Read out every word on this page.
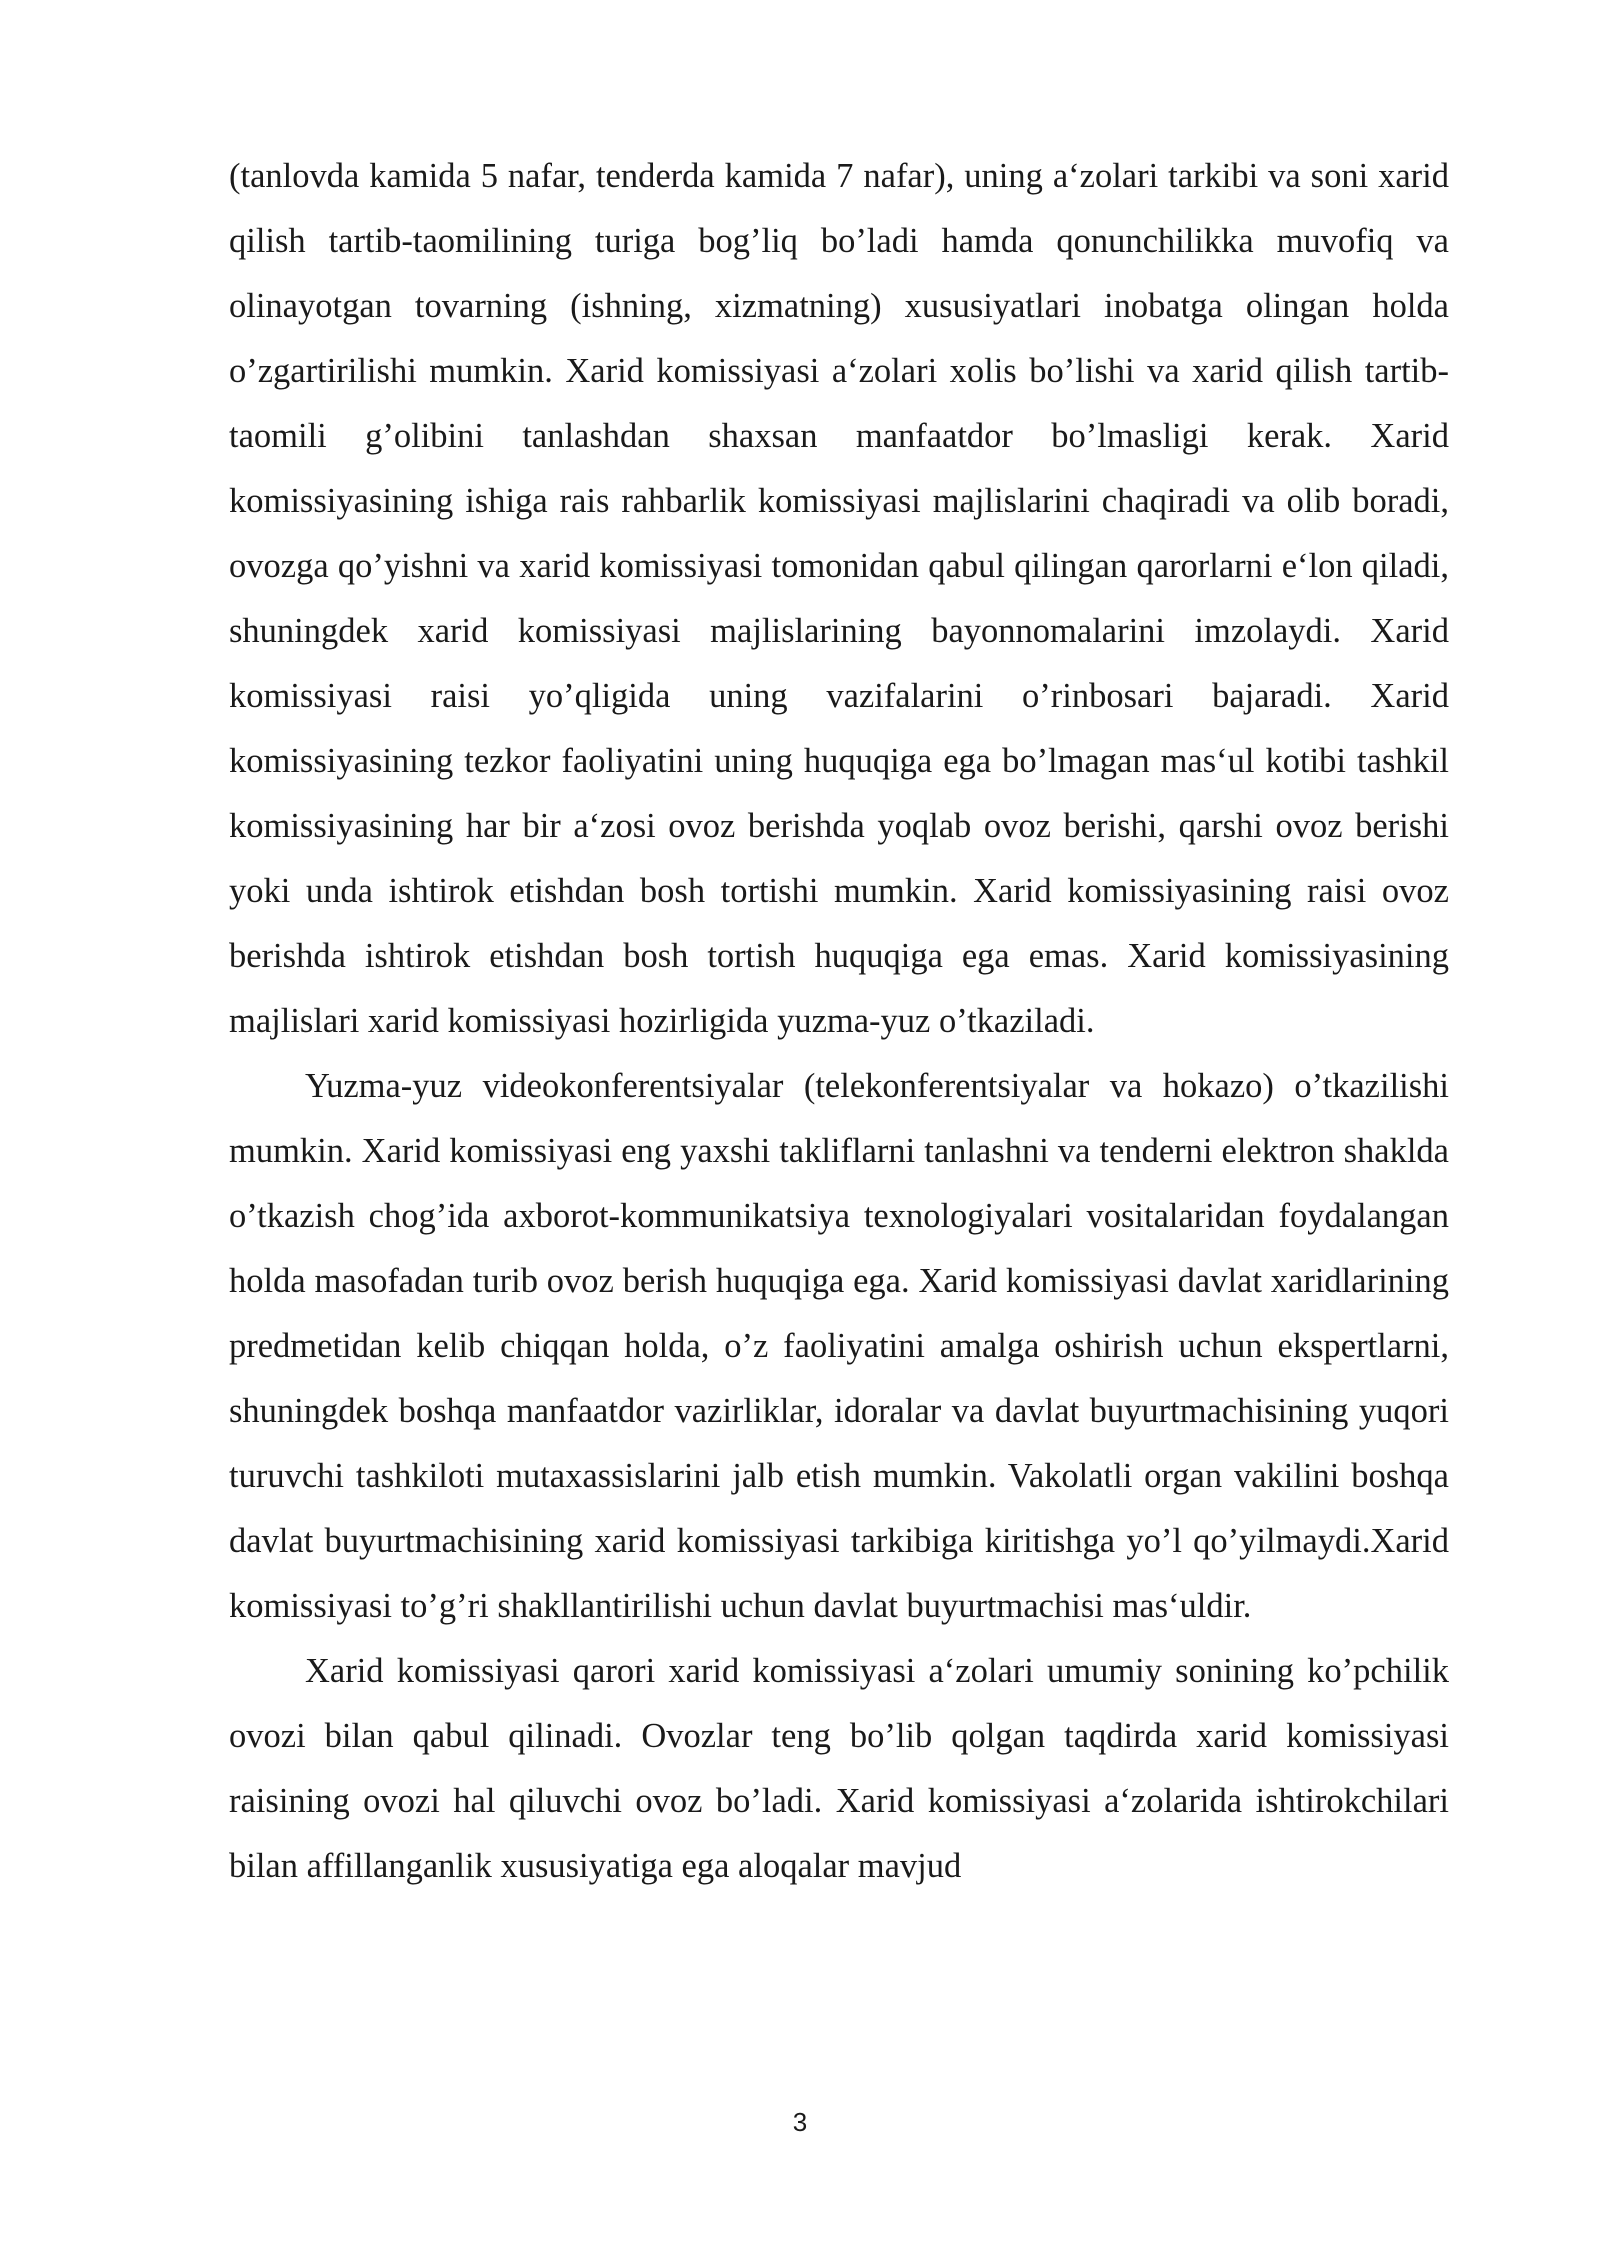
(tanlovda kamida 5 nafar, tenderda kamida 7 nafar), uning a‘zolari tarkibi va soni xarid qilish tartib-taomilining turiga bog’liq bo’ladi hamda qonunchilikka muvofiq va olinayotgan tovarning (ishning, xizmatning) xususiyatlari inobatga olingan holda o’zgartirilishi mumkin. Xarid komissiyasi a‘zolari xolis bo’lishi va xarid qilish tartib-taomili g’olibini tanlashdan shaxsan manfaatdor bo’lmasligi kerak. Xarid komissiyasining ishiga rais rahbarlik komissiyasi majlislarini chaqiradi va olib boradi, ovozga qo’yishni va xarid komissiyasi tomonidan qabul qilingan qarorlarni e‘lon qiladi, shuningdek xarid komissiyasi majlislarining bayonnomalarini imzolaydi. Xarid komissiyasi raisi yo’qligida uning vazifalarini o’rinbosari bajaradi. Xarid komissiyasining tezkor faoliyatini uning huquqiga ega bo’lmagan mas‘ul kotibi tashkil komissiyasining har bir a‘zosi ovoz berishda yoqlab ovoz berishi, qarshi ovoz berishi yoki unda ishtirok etishdan bosh tortishi mumkin. Xarid komissiyasining raisi ovoz berishda ishtirok etishdan bosh tortish huquqiga ega emas. Xarid komissiyasining majlislari xarid komissiyasi hozirligida yuzma-yuz o’tkaziladi.

Yuzma-yuz videokonferentsiyalar (telekonferentsiyalar va hokazo) o’tkazilishi mumkin. Xarid komissiyasi eng yaxshi takliflarni tanlashni va tenderni elektron shaklda o’tkazish chog’ida axborot-kommunikatsiya texnologiyalari vositalaridan foydalangan holda masofadan turib ovoz berish huquqiga ega. Xarid komissiyasi davlat xaridlarining predmetidan kelib chiqqan holda, o’z faoliyatini amalga oshirish uchun ekspertlarni, shuningdek boshqa manfaatdor vazirliklar, idoralar va davlat buyurtmachisining yuqori turuvchi tashkiloti mutaxassislarini jalb etish mumkin. Vakolatli organ vakilini boshqa davlat buyurtmachisining xarid komissiyasi tarkibiga kiritishga yo’l qo’yilmaydi.Xarid komissiyasi to’g’ri shakllantirilishi uchun davlat buyurtmachisi mas‘uldir.

Xarid komissiyasi qarori xarid komissiyasi a‘zolari umumiy sonining ko’pchilik ovozi bilan qabul qilinadi. Ovozlar teng bo’lib qolgan taqdirda xarid komissiyasi raisining ovozi hal qiluvchi ovoz bo’ladi. Xarid komissiyasi a‘zolarida ishtirokchilari bilan affillanganlik xususiyatiga ega aloqalar mavjud

3
